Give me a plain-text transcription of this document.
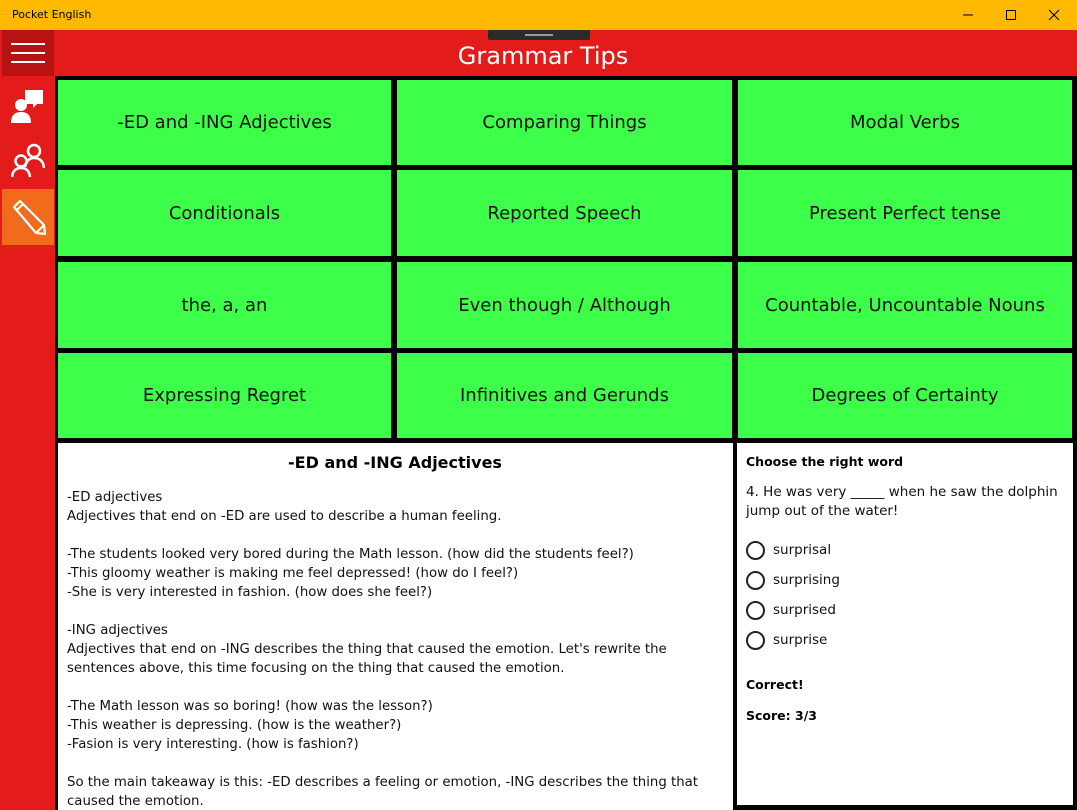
Pocket English
Grammar Tips
-ED and -ING Adjectives	Comparing Things	Modal Verbs
Conditionals	Reported Speech	Present Perfect tense
the, a, an	Even though / Although	Countable, Uncountable Nouns
Expressing Regret	Infinitives and Gerunds	Degrees of Certainty
-ED and -ING Adjectives
-ED adjectives
Adjectives that end on -ED are used to describe a human feeling.

-The students looked very bored during the Math lesson. (how did the students feel?)
-This gloomy weather is making me feel depressed! (how do I feel?)
-She is very interested in fashion. (how does she feel?)

-ING adjectives
Adjectives that end on -ING describes the thing that caused the emotion. Let's rewrite the sentences above, this time focusing on the thing that caused the emotion.

-The Math lesson was so boring! (how was the lesson?)
-This weather is depressing. (how is the weather?)
-Fasion is very interesting. (how is fashion?)

So the main takeaway is this: -ED describes a feeling or emotion, -ING describes the thing that caused the emotion.
Choose the right word
4. He was very _____ when he saw the dolphin jump out of the water!
surprisal
surprising
surprised
surprise
Correct!
Score: 3/3
